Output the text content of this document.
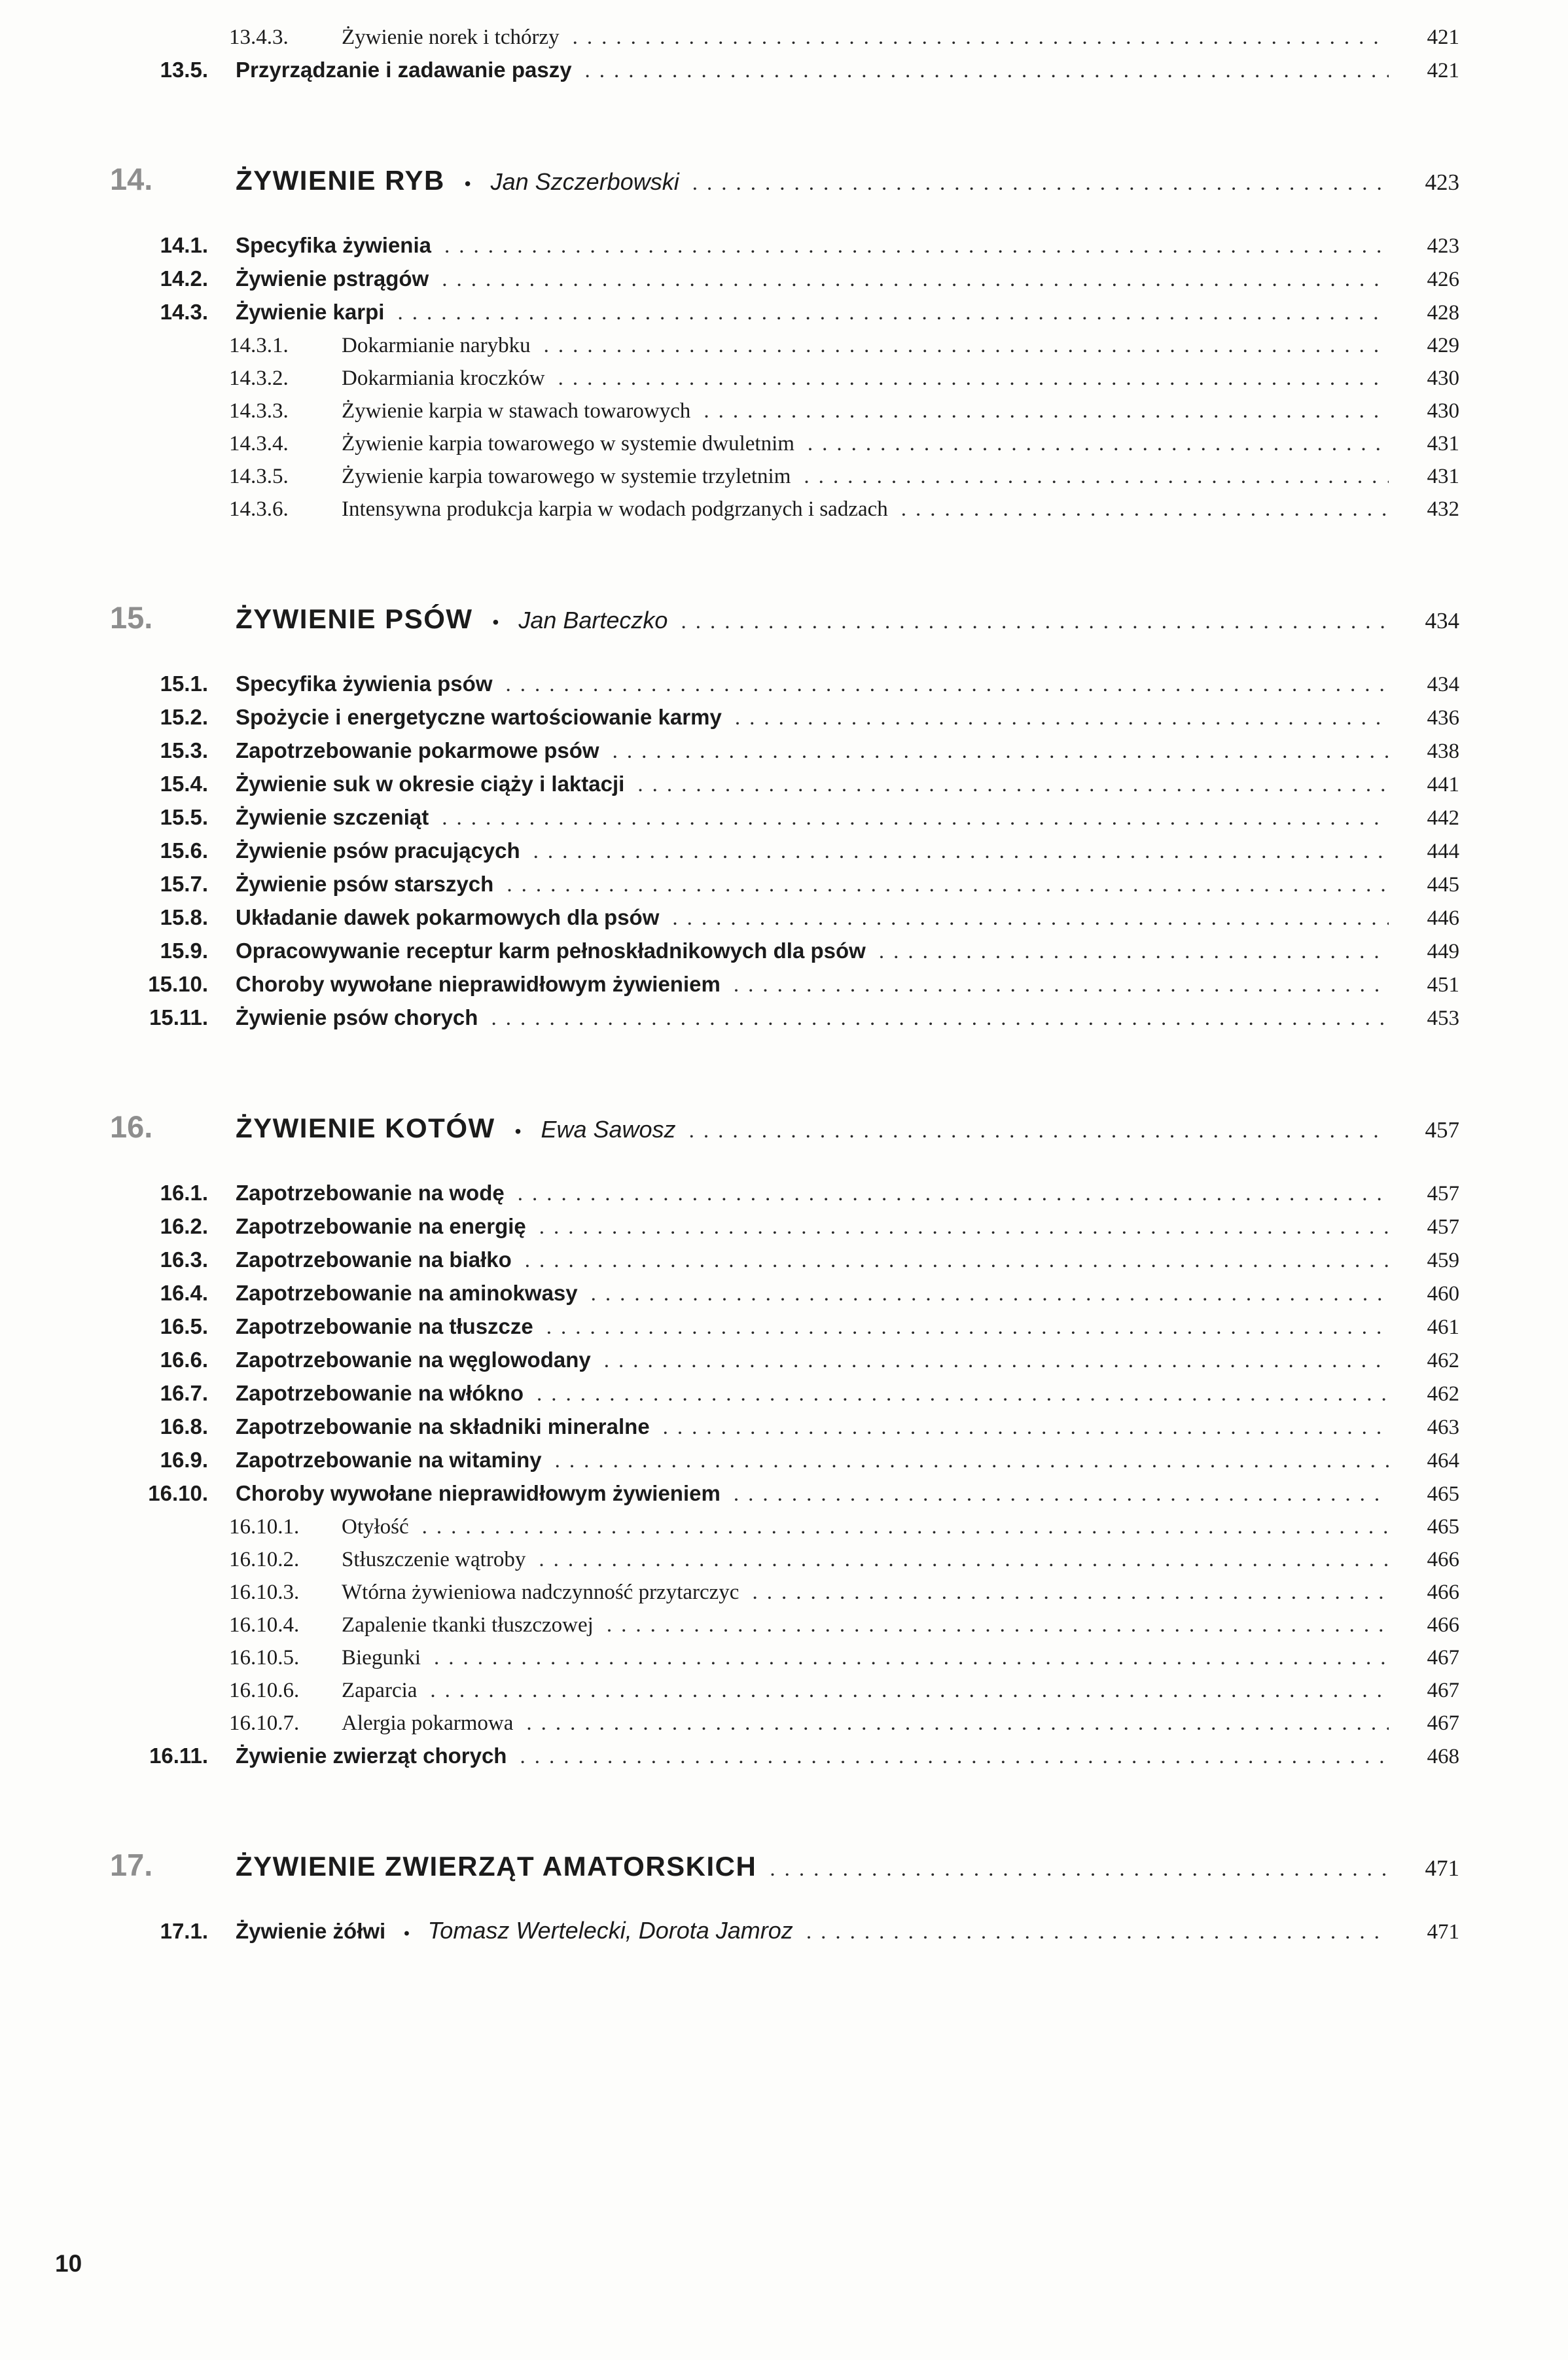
13.4.3.	Żywienie norek i tchórzy .....	421
13.5. Przyrządzanie i zadawanie paszy .....	421
14.	ŻYWIENIE RYB • Jan Szczerbowski .....	423
14.1. Specyfika żywienia .....	423
14.2. Żywienie pstrągów .....	426
14.3. Żywienie karpi .....	428
14.3.1.	Dokarmianie narybku .....	429
14.3.2.	Dokarmiania kroczków .....	430
14.3.3.	Żywienie karpia w stawach towarowych .....	430
14.3.4.	Żywienie karpia towarowego w systemie dwuletnim .....	431
14.3.5.	Żywienie karpia towarowego w systemie trzyletnim .....	431
14.3.6.	Intensywna produkcja karpia w wodach podgrzanych i sadzach .....	432
15.	ŻYWIENIE PSÓW • Jan Barteczko .....	434
15.1. Specyfika żywienia psów .....	434
15.2. Spożycie i energetyczne wartościowanie karmy .....	436
15.3. Zapotrzebowanie pokarmowe psów .....	438
15.4. Żywienie suk w okresie ciąży i laktacji .....	441
15.5. Żywienie szczeniąt .....	442
15.6. Żywienie psów pracujących .....	444
15.7. Żywienie psów starszych .....	445
15.8. Układanie dawek pokarmowych dla psów .....	446
15.9. Opracowywanie receptur karm pełnoskładnikowych dla psów .....	449
15.10. Choroby wywołane nieprawidłowym żywieniem .....	451
15.11. Żywienie psów chorych .....	453
16.	ŻYWIENIE KOTÓW • Ewa Sawosz .....	457
16.1. Zapotrzebowanie na wodę .....	457
16.2. Zapotrzebowanie na energię .....	457
16.3. Zapotrzebowanie na białko .....	459
16.4. Zapotrzebowanie na aminokwasy .....	460
16.5. Zapotrzebowanie na tłuszcze .....	461
16.6. Zapotrzebowanie na węglowodany .....	462
16.7. Zapotrzebowanie na włókno .....	462
16.8. Zapotrzebowanie na składniki mineralne .....	463
16.9. Zapotrzebowanie na witaminy .....	464
16.10. Choroby wywołane nieprawidłowym żywieniem .....	465
16.10.1.	Otyłość .....	465
16.10.2.	Stłuszczenie wątroby .....	466
16.10.3.	Wtórna żywieniowa nadczynność przytarczyc .....	466
16.10.4.	Zapalenie tkanki tłuszczowej .....	466
16.10.5.	Biegunki .....	467
16.10.6.	Zaparcia .....	467
16.10.7.	Alergia pokarmowa .....	467
16.11. Żywienie zwierząt chorych .....	468
17.	ŻYWIENIE ZWIERZĄT AMATORSKICH .....	471
17.1. Żywienie żółwi • Tomasz Wertelecki, Dorota Jamroz .....	471
10
